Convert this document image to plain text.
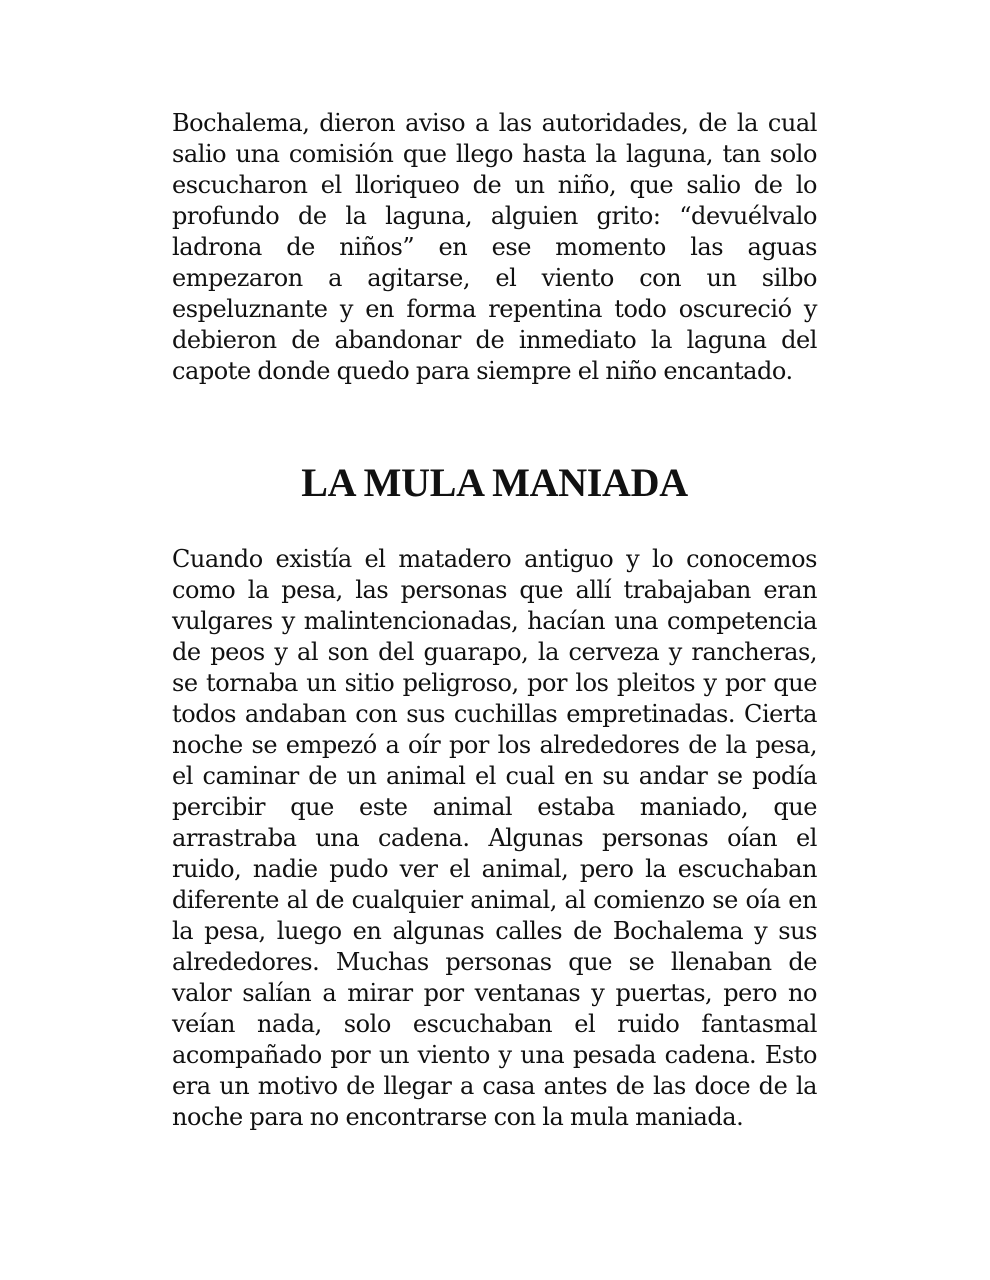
Bochalema, dieron aviso a las autoridades, de la cual salio una comisión que llego hasta la laguna, tan solo escucharon el lloriqueo de un niño, que salio de lo profundo de la laguna, alguien grito: “devuélvalo ladrona de niños” en ese momento las aguas empezaron a agitarse, el viento con un silbo espeluznante y en forma repentina todo oscureció y debieron de abandonar de inmediato la laguna del capote donde quedo para siempre el niño encantado.

LA MULA MANIADA

Cuando existía el matadero antiguo y lo conocemos como la pesa, las personas que allí trabajaban eran vulgares y malintencionadas, hacían una competencia de peos y al son del guarapo, la cerveza y rancheras, se tornaba un sitio peligroso, por los pleitos y por que todos andaban con sus cuchillas empretinadas. Cierta noche se empezó a oír por los alrededores de la pesa, el caminar de un animal el cual en su andar se podía percibir que este animal estaba maniado, que arrastraba una cadena. Algunas personas oían el ruido, nadie pudo ver el animal, pero la escuchaban diferente al de cualquier animal, al comienzo se oía en la pesa, luego en algunas calles de Bochalema y sus alrededores. Muchas personas que se llenaban de valor salían a mirar por ventanas y puertas, pero no veían nada, solo escuchaban el ruido fantasmal acompañado por un viento y una pesada cadena. Esto era un motivo de llegar a casa antes de las doce de la noche para no encontrarse con la mula maniada.
